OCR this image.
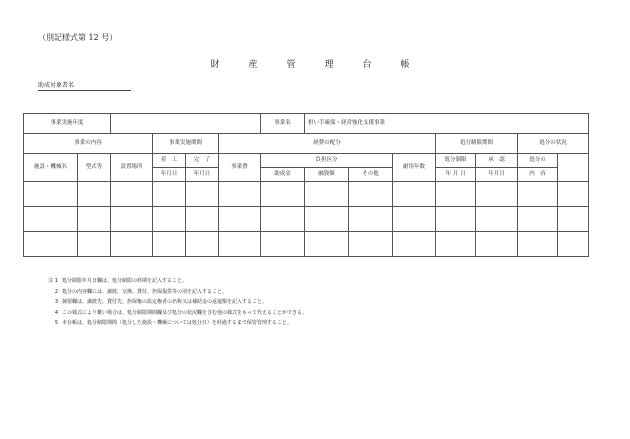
（別記様式第 12 号）
財　産　管　理　台　帳
助成対象者名
事業実施年度						事業名	担い手確保・経営強化支援事業							
事業の内容			事業実施期間		経費の配分					処分制限期間		処分の状況	
施設・機械名	型式等	設置場所	着　工	完　了	事業費	負担区分			耐用年数	処分制限	承　認	処分の		
			年月日	年月日		助成金	融資額	その他		年 月 日	年月日	内　容		

注 1 処分制限年月日欄は、処分制限の終期を記入すること。
2 処分の内容欄には、譲渡、交換、貸付、担保提供等の別を記入すること。
3 摘要欄は、譲渡先、貸付先、担保権の設定権者の名称又は補助金の返還額を記入すること。
4 この様式により難い場合は、処分制限期間欄及び処分の状況欄を含む他の様式をもって代えることができる。
5 本台帳は、処分制限期間（処分した施設・機械については処分日）を経過するまで保管管理すること。
